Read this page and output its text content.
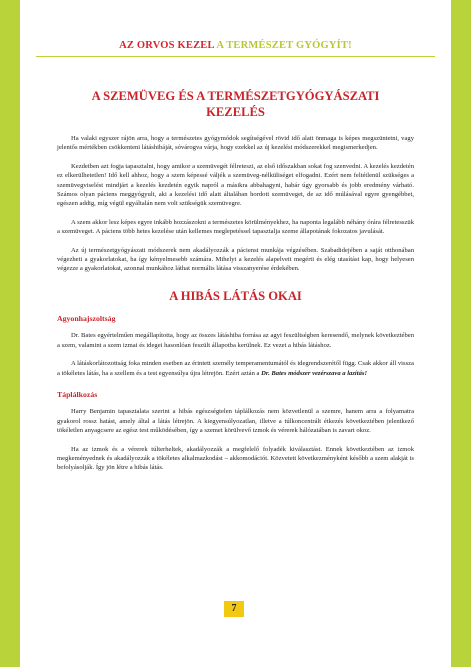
AZ ORVOS KEZEL A TERMÉSZET GYÓGYÍT!
A SZEMÜVEG ÉS A TERMÉSZETGYÓGYÁSZATI
KEZELÉS

Ha valaki egyszer rájön arra, hogy a természetes gyógymódok segítségével rövid idő alatt önmaga is képes megszüntetni, vagy jelentős mértékben csökkenteni látáshibáját, sóvárogva várja, hogy ezekkel az új kezelési módszerekkel megismerkedjen.

Kezdetben azt fogja tapasztalni, hogy amikor a szemüvegét félreteszi, az első időszakban sokat fog szenvedni. A kezelés kezdetén ez elkerülhetetlen! Idő kell ahhoz, hogy a szem képessé váljék a szemüveg-nélküliséget elfogadni. Ezért nem feltétlenül szükséges a szemüvegviselést mindjárt a kezelés kezdetén egyik napról a másikra abbahagyni, habár úgy gyorsabb és jobb eredmény várható. Számos olyan páciens meggyógyult, aki a kezelési idő alatt általában hordott szemüveget, de az idő múlásával egyre gyengébbet, egészen addig, míg végül egyáltalán nem volt szükségük szemüvegre.

A szem akkor lesz képes egyre inkább hozzászokni a természetes körülményekhez, ha naponta legalább néhány órára félretesszük a szemüveget. A páciens több hetes kezelése után kellemes meglepetéssel tapasztalja szeme állapotának fokozatos javulását.

Az új természetgyógyászati módszerek nem akadályozzák a pácienst munkája végzésében. Szabadidejében a saját otthonában végezheti a gyakorlatokat, ha így kényelmesebb számára. Mihelyt a kezelés alapelveit megérti és elég utasítást kap, hogy helyesen végezze a gyakorlatokat, azonnal munkához láthat normális látása visszanyerése érdekében.

A HIBÁS LÁTÁS OKAI
Agyonhajszoltság

Dr. Bates egyértelműen megállapította, hogy az összes látáshiba forrása az agyi feszültségben keresendő, melynek következtében a szem, valamint a szem izmai és idegei hasonlóan feszült állapotba kerülnek. Ez vezet a hibás látáshoz.

A látáskorlátozottság foka minden esetben az érintett személy temperamentumától és idegrendszerétől függ. Csak akkor áll vissza a tökéletes látás, ha a szellem és a test egyensúlya újra létrejön. Ezért aztán a Dr. Bates módszer vezérszava a lazítás!

Táplálkozás

Harry Benjamin tapasztalata szerint a hibás egészségtelen táplálkozás nem közvetlenül a szemre, hanem arra a folyamatra gyakorol rossz hatást, amely által a látás létrejön. A kiegyensúlyozatlan, illetve a túlkoncentrált étkezés következtében jelentkező tökéletlen anyagcsere az egész test működésében, így a szemet körülvevő izmok és vérerek hálózatában is zavart okoz.

Ha az izmok és a vérerek túlterheltek, akadályozzák a megfelelő folyadék kiválasztást. Ennek következtében az izmok megkeményednek és akadályozzák a tökéletes alkalmazkodást – akkomodációt. Közvetett következményként később a szem alakját is befolyásolják. Így jön létre a hibás látás.

7
